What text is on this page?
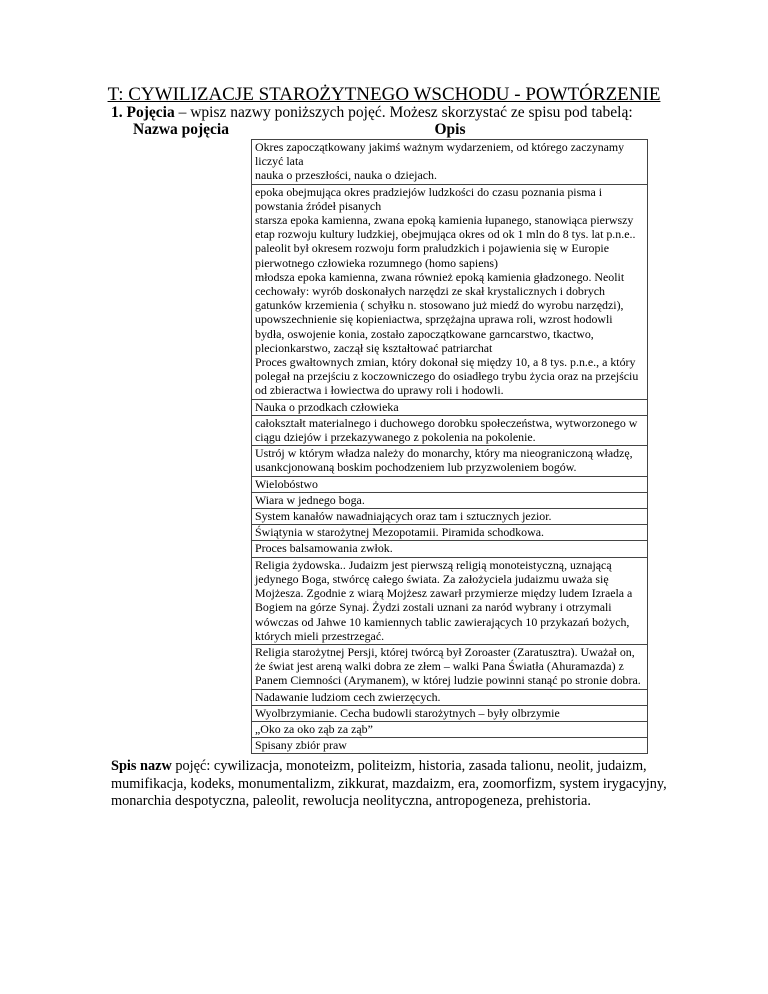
T: CYWILIZACJE STAROŻYTNEGO WSCHODU - POWTÓRZENIE
1. Pojęcia – wpisz nazwy poniższych pojęć. Możesz skorzystać ze spisu pod tabelą:
Nazwa pojęcia	Opis
Okres zapoczątkowany jakimś ważnym wydarzeniem, od którego zaczynamy liczyć lata
nauka o przeszłości, nauka o dziejach.

epoka obejmująca okres pradziejów ludzkości do czasu poznania pisma i powstania źródeł pisanych
starsza epoka kamienna, zwana epoką kamienia łupanego, stanowiąca pierwszy etap rozwoju kultury ludzkiej, obejmująca okres od ok 1 mln do 8 tys. lat p.n.e.. paleolit był okresem rozwoju form praludzkich i pojawienia się w Europie pierwotnego człowieka rozumnego (homo sapiens)
młodsza epoka kamienna, zwana również epoką kamienia gładzonego. Neolit cechowały: wyrób doskonałych narzędzi ze skał krystalicznych i dobrych gatunków krzemienia ( schyłku n. stosowano już miedź do wyrobu narzędzi), upowszechnienie się kopieniactwa, sprzężajna uprawa roli, wzrost hodowli bydła, oswojenie konia, zostało zapoczątkowane garncarstwo, tkactwo, plecionkarstwo, zaczął się kształtować patriarchat
Proces gwałtownych zmian, który dokonał się między 10, a 8 tys. p.n.e., a który polegał na przejściu z koczowniczego do osiadłego trybu życia oraz na przejściu od zbieractwa i łowiectwa do uprawy roli i hodowli.
Nauka o przodkach człowieka
całokształt materialnego i duchowego dorobku społeczeństwa, wytworzonego w ciągu dziejów i przekazywanego z pokolenia na pokolenie.
Ustrój w którym władza należy do monarchy, który ma nieograniczoną władzę, usankcjonowaną boskim pochodzeniem lub przyzwoleniem bogów.
Wielobóstwo
Wiara w jednego boga.
System kanałów nawadniających oraz tam i sztucznych jezior.
Świątynia w starożytnej Mezopotamii. Piramida schodkowa.
Proces balsamowania zwłok.
Religia żydowska.. Judaizm jest pierwszą religią monoteistyczną, uznającą jedynego Boga, stwórcę całego świata. Za założyciela judaizmu uważa się Mojżesza. Zgodnie z wiarą Mojżesz zawarł przymierze między ludem Izraela a Bogiem na górze Synaj. Żydzi zostali uznani za naród wybrany i otrzymali wówczas od Jahwe 10 kamiennych tablic zawierających 10 przykazań bożych, których mieli przestrzegać.
Religia starożytnej Persji, której twórcą był Zoroaster (Zaratusztra). Uważał on, że świat jest areną walki dobra ze złem – walki Pana Światła (Ahuramazda) z Panem Ciemności (Arymanem), w której ludzie powinni stanąć po stronie dobra.
Nadawanie ludziom cech zwierzęcych.
Wyolbrzymianie. Cecha budowli starożytnych – były olbrzymie
„Oko za oko ząb za ząb”
Spisany zbiór praw
Spis nazw pojęć: cywilizacja, monoteizm, politeizm, historia, zasada talionu, neolit, judaizm, mumifikacja, kodeks, monumentalizm, zikkurat, mazdaizm, era, zoomorfizm, system irygacyjny, monarchia despotyczna, paleolit, rewolucja neolityczna, antropogeneza, prehistoria.
